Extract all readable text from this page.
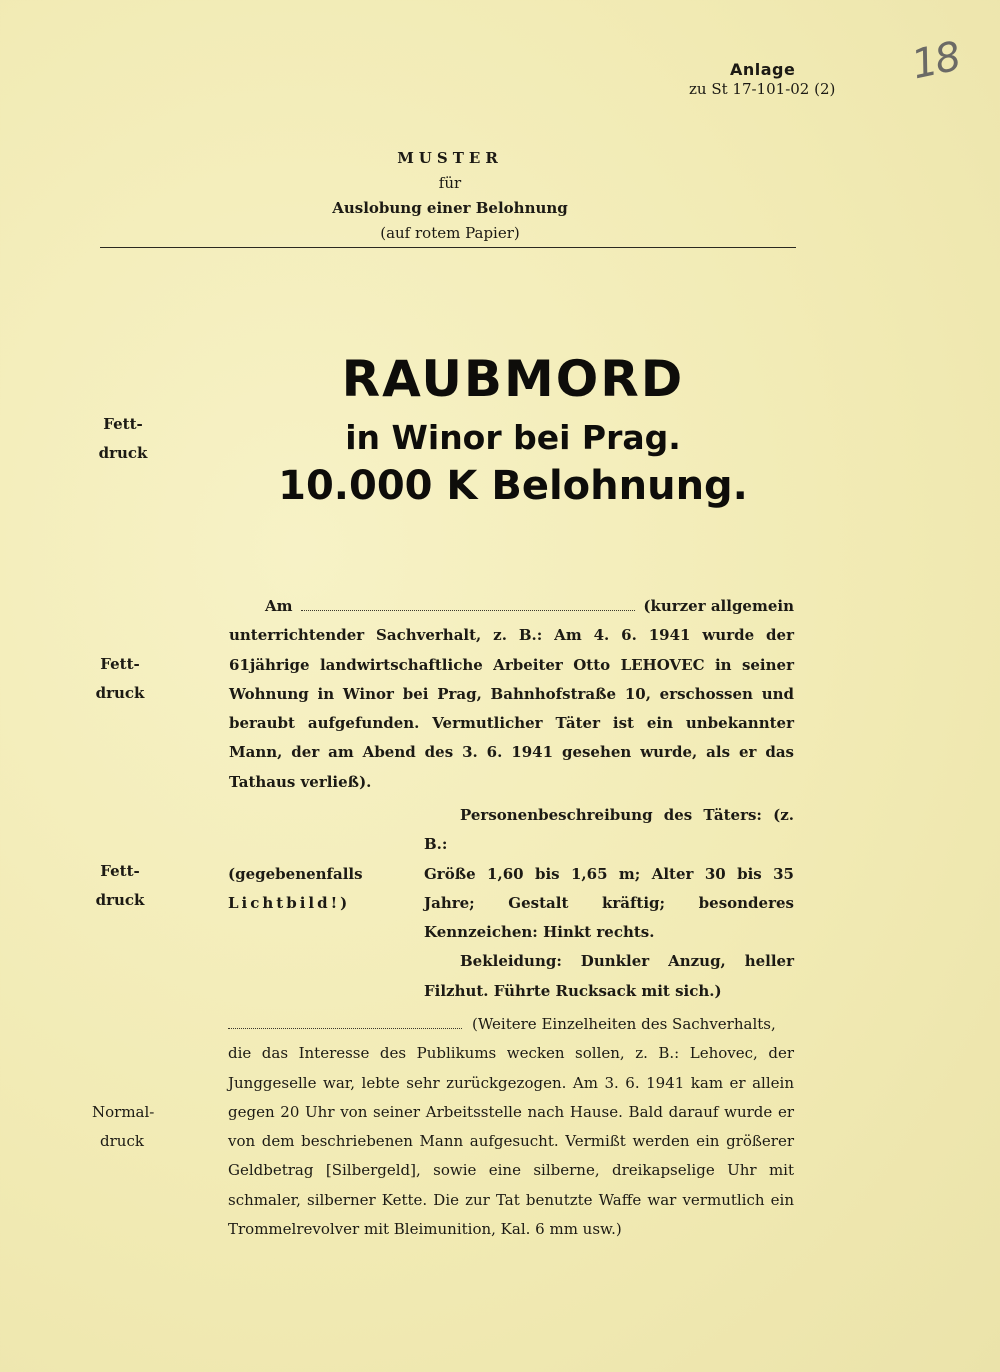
18
Anlage
zu St 17-101-02 (2)
MUSTER
für
Auslobung einer Belohnung
(auf rotem Papier)
RAUBMORD
in Winor bei Prag.
10.000 K Belohnung.
Fett-
druck
Fett-
druck
Am	(kurzer allgemein
unterrichtender Sachverhalt, z. B.: Am 4. 6. 1941 wurde der 61jährige landwirtschaftliche Arbeiter Otto LEHOVEC in seiner Wohnung in Winor bei Prag, Bahnhofstraße 10, erschossen und beraubt aufgefunden. Vermutlicher Täter ist ein unbekannter Mann, der am Abend des 3. 6. 1941 gesehen wurde, als er das Tathaus verließ).
Fett-
druck
(gegebenenfalls
Lichtbild!)
Personenbeschreibung des Täters: (z. B.:
Größe 1,60 bis 1,65 m; Alter 30 bis 35 Jahre; Gestalt kräftig; besonderes Kennzeichen: Hinkt rechts.
Bekleidung: Dunkler Anzug, heller Filzhut. Führte Rucksack mit sich.)
Normal-
druck
(Weitere Einzelheiten des Sachverhalts,
die das Interesse des Publikums wecken sollen, z. B.: Lehovec, der Junggeselle war, lebte sehr zurückgezogen. Am 3. 6. 1941 kam er allein gegen 20 Uhr von seiner Arbeitsstelle nach Hause. Bald darauf wurde er von dem beschriebenen Mann aufgesucht. Vermißt werden ein größerer Geldbetrag [Silbergeld], sowie eine silberne, dreikapselige Uhr mit schmaler, silberner Kette. Die zur Tat benutzte Waffe war vermutlich ein Trommelrevolver mit Bleimunition, Kal. 6 mm usw.)
